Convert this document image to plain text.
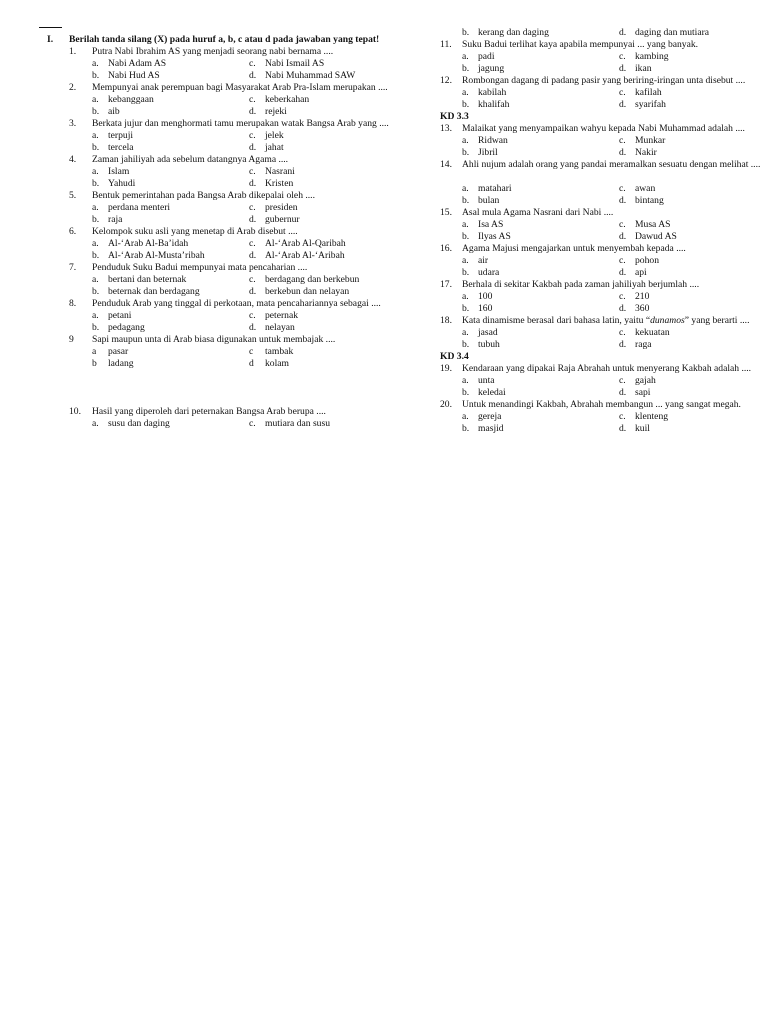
I. Berilah tanda silang (X) pada huruf a, b, c atau d pada jawaban yang tepat!
1. Putra Nabi Ibrahim AS yang menjadi seorang nabi bernama ....
a. Nabi Adam AS	c. Nabi Ismail AS
b. Nabi Hud AS	d. Nabi Muhammad SAW
2. Mempunyai anak perempuan bagi Masyarakat Arab Pra-Islam merupakan ....
a. kebanggaan	c. keberkahan
b. aib	d. rejeki
3. Berkata jujur dan menghormati tamu merupakan watak Bangsa Arab yang ....
a. terpuji	c. jelek
b. tercela	d. jahat
4. Zaman jahiliyah ada sebelum datangnya Agama ....
a. Islam	c. Nasrani
b. Yahudi	d. Kristen
5. Bentuk pemerintahan pada Bangsa Arab dikepalai oleh ....
a. perdana menteri	c. presiden
b. raja	d. gubernur
6. Kelompok suku asli yang menetap di Arab disebut ....
a. Al-‘Arab Al-Ba’idah	c. Al-‘Arab Al-Qaribah
b. Al-‘Arab Al-Musta’ribah	d. Al-‘Arab Al-‘Aribah
7. Penduduk Suku Badui mempunyai mata pencaharian ....
a. bertani dan beternak	c. berdagang dan berkebun
b. beternak dan berdagang	d. berkebun dan nelayan
8. Penduduk Arab yang tinggal di perkotaan, mata pencahariannya sebagai ....
a. petani	c. peternak
b. pedagang	d. nelayan
9 Sapi maupun unta di Arab biasa digunakan untuk membajak ....
a pasar	c tambak
b ladang	d kolam
10. Hasil yang diperoleh dari peternakan Bangsa Arab berupa ....
a. susu dan daging	c. mutiara dan susu
b. kerang dan daging	d. daging dan mutiara
11. Suku Badui terlihat kaya apabila mempunyai ... yang banyak.
a. padi	c. kambing
b. jagung	d. ikan
12. Rombongan dagang di padang pasir yang beriring-iringan unta disebut ....
a. kabilah	c. kafilah
b. khalifah	d. syarifah
KD 3.3
13. Malaikat yang menyampaikan wahyu kepada Nabi Muhammad adalah ....
a. Ridwan	c. Munkar
b. Jibril	d. Nakir
14. Ahli nujum adalah orang yang pandai meramalkan sesuatu dengan melihat ....
a. matahari	c. awan
b. bulan	d. bintang
15. Asal mula Agama Nasrani dari Nabi ....
a. Isa AS	c. Musa AS
b. Ilyas AS	d. Dawud AS
16. Agama Majusi mengajarkan untuk menyembah kepada ....
a. air	c. pohon
b. udara	d. api
17. Berhala di sekitar Kakbah pada zaman jahiliyah berjumlah ....
a. 100	c. 210
b. 160	d. 360
18. Kata dinamisme berasal dari bahasa latin, yaitu “dunamos” yang berarti ....
a. jasad	c. kekuatan
b. tubuh	d. raga
KD 3.4
19. Kendaraan yang dipakai Raja Abrahah untuk menyerang Kakbah adalah ....
a. unta	c. gajah
b. keledai	d. sapi
20. Untuk menandingi Kakbah, Abrahah membangun ... yang sangat megah.
a. gereja	c. klenteng
b. masjid	d. kuil
